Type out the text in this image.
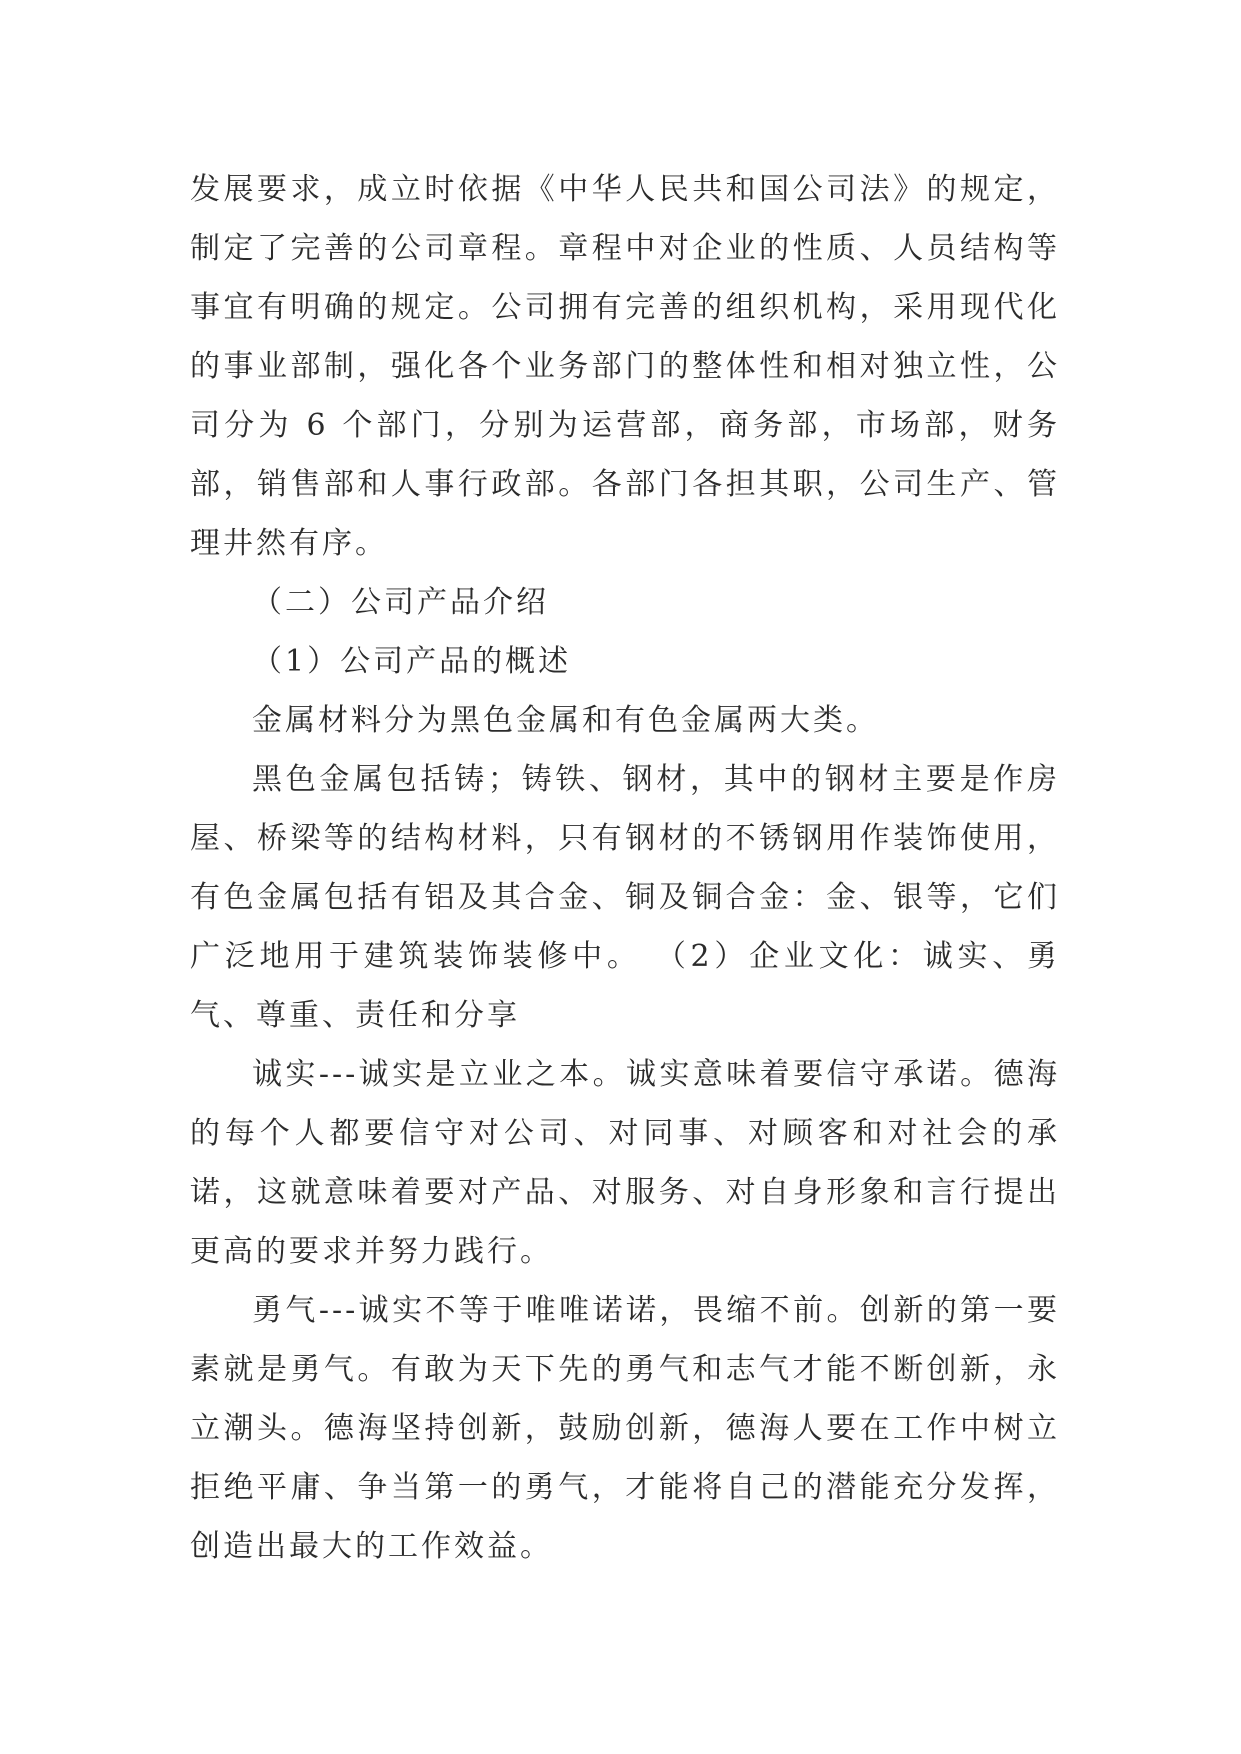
发展要求，成立时依据《中华人民共和国公司法》的规定，制定了完善的公司章程。章程中对企业的性质、人员结构等事宜有明确的规定。公司拥有完善的组织机构，采用现代化的事业部制，强化各个业务部门的整体性和相对独立性，公司分为 6 个部门，分别为运营部，商务部，市场部，财务部，销售部和人事行政部。各部门各担其职，公司生产、管理井然有序。

（二）公司产品介绍

（1）公司产品的概述

金属材料分为黑色金属和有色金属两大类。

黑色金属包括铸；铸铁、钢材，其中的钢材主要是作房屋、桥梁等的结构材料，只有钢材的不锈钢用作装饰使用，有色金属包括有铝及其合金、铜及铜合金：金、银等，它们广泛地用于建筑装饰装修中。 （2）企业文化：诚实、勇气、尊重、责任和分享

诚实---诚实是立业之本。诚实意味着要信守承诺。德海的每个人都要信守对公司、对同事、对顾客和对社会的承诺，这就意味着要对产品、对服务、对自身形象和言行提出更高的要求并努力践行。

勇气---诚实不等于唯唯诺诺，畏缩不前。创新的第一要素就是勇气。有敢为天下先的勇气和志气才能不断创新，永立潮头。德海坚持创新，鼓励创新，德海人要在工作中树立拒绝平庸、争当第一的勇气，才能将自己的潜能充分发挥，创造出最大的工作效益。
